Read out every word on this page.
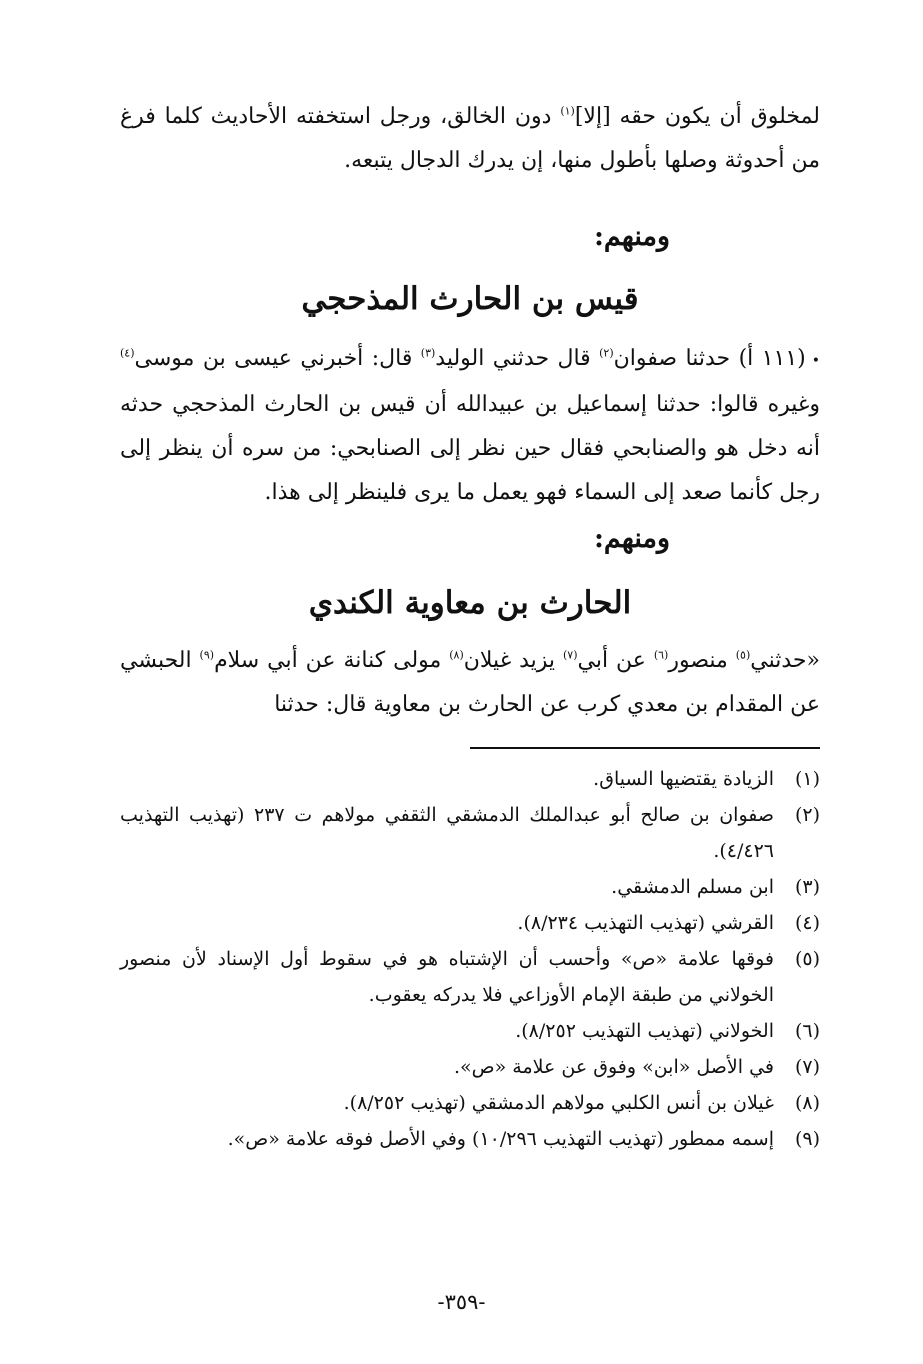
لمخلوق أن يكون حقه [إلا]$^{(١)}$ دون الخالق، ورجل استخفته الأحاديث كلما فرغ من أحدوثة وصلها بأطول منها، إن يدرك الدجال يتبعه.

ومنهم:
قيس بن الحارث المذحجي

•(١١١ أ) حدثنا صفوان$^{(٢)}$ قال حدثني الوليد$^{(٣)}$ قال: أخبرني عيسى بن موسى$^{(٤)}$ وغيره قالوا: حدثنا إسماعيل بن عبيدالله أن قيس بن الحارث المذحجي حدثه أنه دخل هو والصنابحي فقال حين نظر إلى الصنابحي: من سره أن ينظر إلى رجل كأنما صعد إلى السماء فهو يعمل ما يرى فلينظر إلى هذا.

ومنهم:
الحارث بن معاوية الكندي

«حدثني$^{(٥)}$ منصور$^{(٦)}$ عن أبي$^{(٧)}$ يزيد غيلان$^{(٨)}$ مولى كنانة عن أبي سلام$^{(٩)}$ الحبشي عن المقدام بن معدي كرب عن الحارث بن معاوية قال: حدثنا

(١)
الزيادة يقتضيها السياق.
(٢)
صفوان بن صالح أبو عبدالملك الدمشقي الثقفي مولاهم ت ٢٣٧ (تهذيب التهذيب ٤/٤٢٦).
(٣)
ابن مسلم الدمشقي.
(٤)
القرشي (تهذيب التهذيب ٨/٢٣٤).
(٥)
فوقها علامة «ص» وأحسب أن الإشتباه هو في سقوط أول الإسناد لأن منصور الخولاني من طبقة الإمام الأوزاعي فلا يدركه يعقوب.
(٦)
الخولاني (تهذيب التهذيب ٨/٢٥٢).
(٧)
في الأصل «ابن» وفوق عن علامة «ص».
(٨)
غيلان بن أنس الكلبي مولاهم الدمشقي (تهذيب ٨/٢٥٢).
(٩)
إسمه ممطور (تهذيب التهذيب ١٠/٢٩٦) وفي الأصل فوقه علامة «ص».
-٣٥٩-
